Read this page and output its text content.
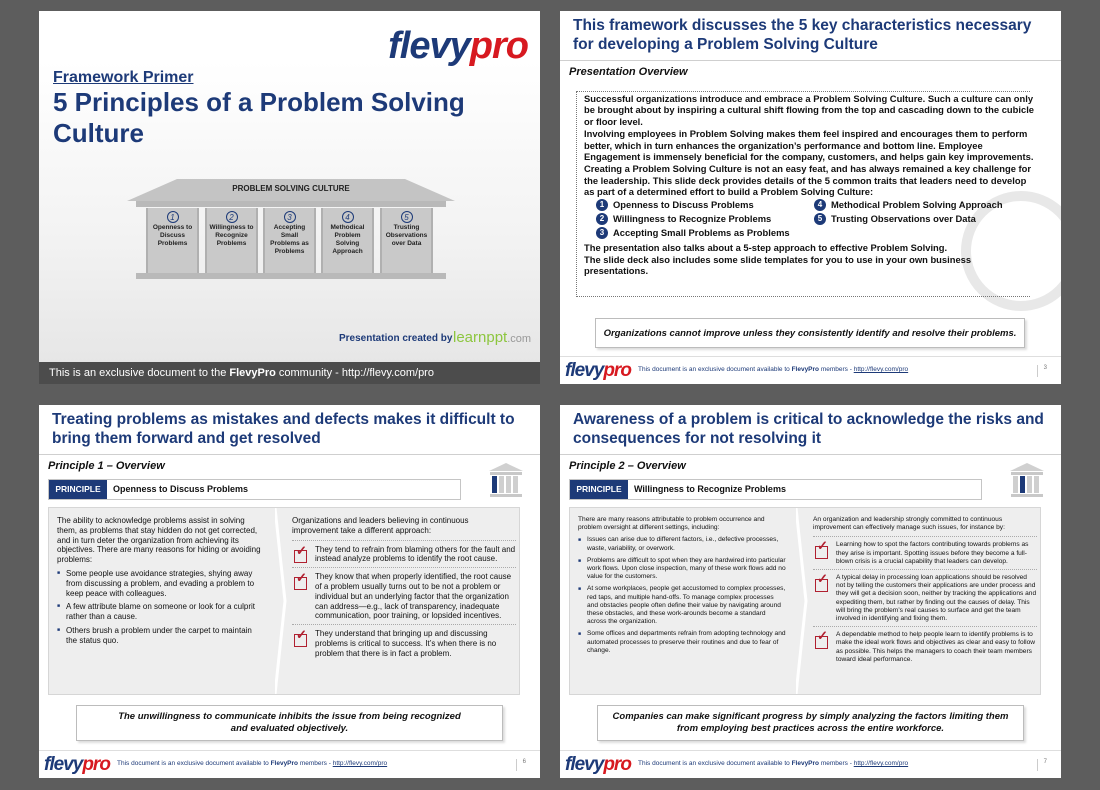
flevypro
Framework Primer
5 Principles of a Problem Solving Culture
PROBLEM SOLVING CULTURE
1
Openness to Discuss Problems
2
Willingness to Recognize Problems
3
Accepting Small Problems as Problems
4
Methodical Problem Solving Approach
5
Trusting Observations over Data
Presentation created by learnppt.com
This is an exclusive document to the FlevyPro community - http://flevy.com/pro
This framework discusses the 5 key characteristics necessary for developing a Problem Solving Culture
Presentation Overview

Successful organizations introduce and embrace a Problem Solving Culture. Such a culture can only be brought about by inspiring a cultural shift flowing from the top and cascading down to the cubicle or floor level.

Involving employees in Problem Solving makes them feel inspired and encourages them to perform better, which in turn enhances the organization’s performance and bottom line. Employee Engagement is immensely beneficial for the company, customers, and helps gain key improvements.

Creating a Problem Solving Culture is not an easy feat, and has always remained a key challenge for the leadership. This slide deck provides details of the 5 common traits that leaders need to develop as part of a determined effort to build a Problem Solving Culture:

1 Openness to Discuss Problems	4 Methodical Problem Solving Approach
2 Willingness to Recognize Problems	5 Trusting Observations over Data
3 Accepting Small Problems as Problems

The presentation also talks about a 5-step approach to effective Problem Solving.

The slide deck also includes some slide templates for you to use in your own business presentations.

Organizations cannot improve unless they consistently identify and resolve their problems.
flevypro This document is an exclusive document available to FlevyPro members - http://flevy.com/pro	3
Treating problems as mistakes and defects makes it difficult to bring them forward and get resolved
Principle 1 – Overview
PRINCIPLE	Openness to Discuss Problems
The ability to acknowledge problems assist in solving them, as problems that stay hidden do not get corrected, and in turn deter the organization from achieving its objectives. There are many reasons for hiding or avoiding problems:
■ Some people use avoidance strategies, shying away from discussing a problem, and evading a problem to keep peace with colleagues.
■ A few attribute blame on someone or look for a culprit rather than a cause.
■ Others brush a problem under the carpet to maintain the status quo.
Organizations and leaders believing in continuous improvement take a different approach:
✓
They tend to refrain from blaming others for the fault and instead analyze problems to identify the root cause.
✓
They know that when properly identified, the root cause of a problem usually turns out to be not a problem or individual but an underlying factor that the organization can address—e.g., lack of transparency, inadequate communication, poor training, or lopsided incentives.
✓
They understand that bringing up and discussing problems is critical to success. It’s when there is no problem that there is in fact a problem.
The unwillingness to communicate inhibits the issue from being recognized
and evaluated objectively.
flevypro This document is an exclusive document available to FlevyPro members - http://flevy.com/pro	6
Awareness of a problem is critical to acknowledge the risks and consequences for not resolving it
Principle 2 – Overview
PRINCIPLE	Willingness to Recognize Problems
There are many reasons attributable to problem occurrence and problem oversight at different settings, including:
■ Issues can arise due to different factors, i.e., defective processes, waste, variability, or overwork.
■ Problems are difficult to spot when they are hardwired into particular work flows. Upon close inspection, many of these work flows add no value for the customers.
■ At some workplaces, people get accustomed to complex processes, red taps, and multiple hand-offs. To manage complex processes and obstacles people often define their value by navigating around these obstacles, and these work-arounds become a standard across the organization.
■ Some offices and departments refrain from adopting technology and automated processes to preserve their routines and due to fear of change.
An organization and leadership strongly committed to continuous improvement can effectively manage such issues, for instance by:
✓
Learning how to spot the factors contributing towards problems as they arise is important. Spotting issues before they become a full-blown crisis is a crucial capability that leaders can develop.
✓
A typical delay in processing loan applications should be resolved not by telling the customers their applications are under process and they will get a decision soon, neither by tracking the applications and expediting them, but rather by finding out the causes of delay. This will bring the problem’s real causes to surface and get the team involved in identifying and fixing them.
✓
A dependable method to help people learn to identify problems is to make the ideal work flows and objectives as clear and easy to follow as possible. This helps the managers to coach their team members toward ideal performance.
Companies can make significant progress by simply analyzing the factors limiting them
from employing best practices across the entire workforce.
flevypro This document is an exclusive document available to FlevyPro members - http://flevy.com/pro	7
